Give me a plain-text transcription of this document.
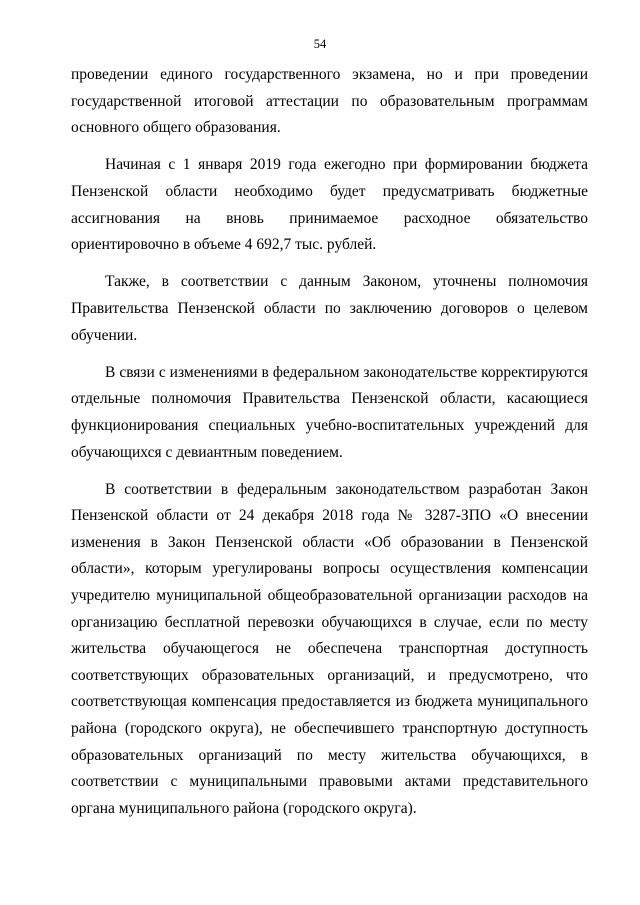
54

проведении единого государственного экзамена, но и при проведении государственной итоговой аттестации по образовательным программам основного общего образования.

Начиная с 1 января 2019 года ежегодно при формировании бюджета Пензенской области необходимо будет предусматривать бюджетные ассигнования на вновь принимаемое расходное обязательство ориентировочно в объеме 4 692,7 тыс. рублей.

Также, в соответствии с данным Законом, уточнены полномочия Правительства Пензенской области по заключению договоров о целевом обучении.

В связи с изменениями в федеральном законодательстве корректируются отдельные полномочия Правительства Пензенской области, касающиеся функционирования специальных учебно-воспитательных учреждений для обучающихся с девиантным поведением.

В соответствии в федеральным законодательством разработан Закон Пензенской области от 24 декабря 2018 года № 3287-ЗПО «О внесении изменения в Закон Пензенской области «Об образовании в Пензенской области», которым урегулированы вопросы осуществления компенсации учредителю муниципальной общеобразовательной организации расходов на организацию бесплатной перевозки обучающихся в случае, если по месту жительства обучающегося не обеспечена транспортная доступность соответствующих образовательных организаций, и предусмотрено, что соответствующая компенсация предоставляется из бюджета муниципального района (городского округа), не обеспечившего транспортную доступность образовательных организаций по месту жительства обучающихся, в соответствии с муниципальными правовыми актами представительного органа муниципального района (городского округа).
